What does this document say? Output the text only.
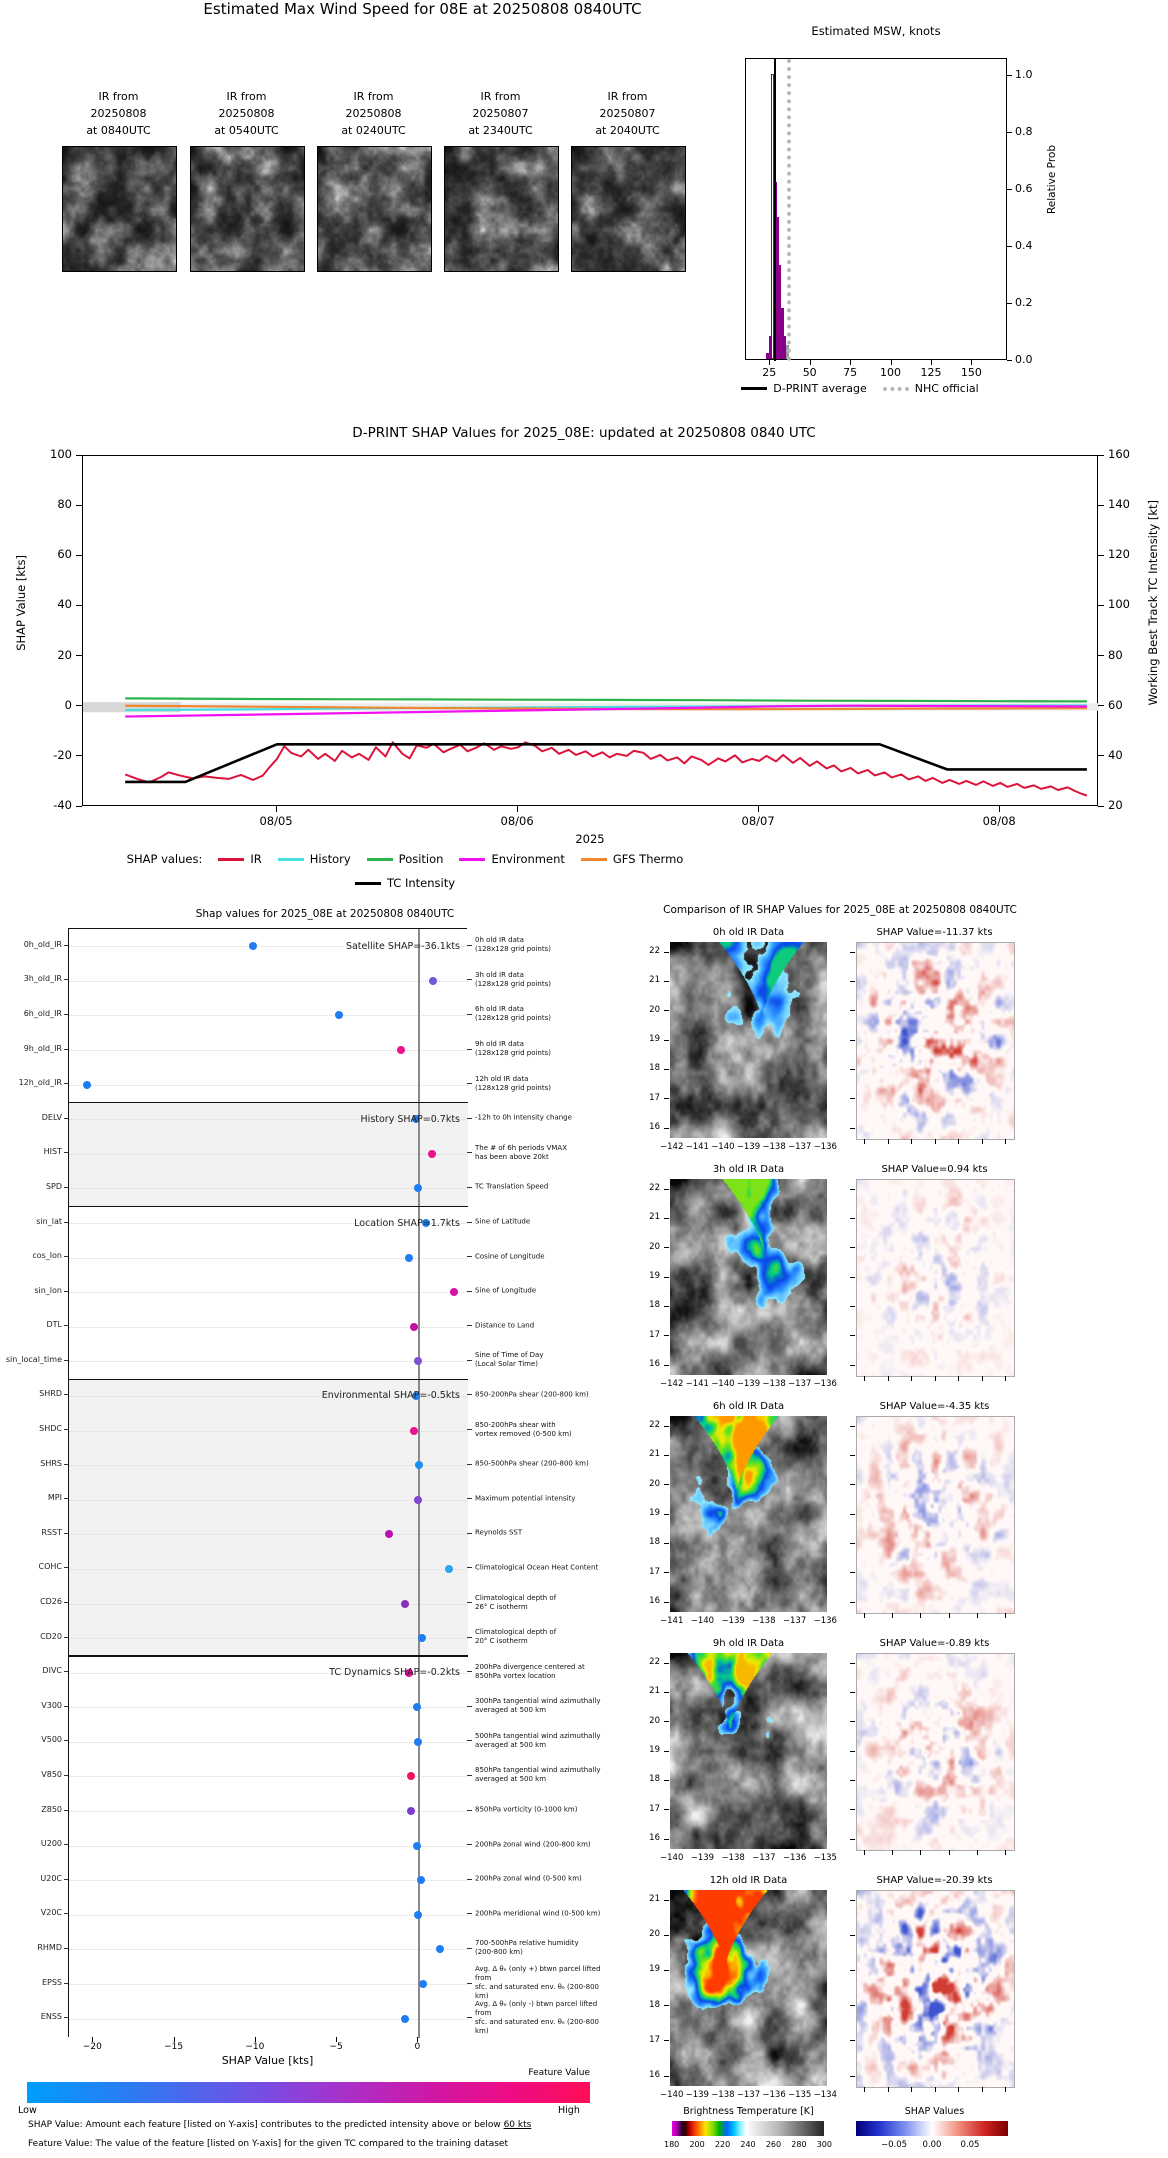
Estimated Max Wind Speed for 08E at 20250808 0840UTC
IR from
20250808
at 0840UTC
IR from
20250808
at 0540UTC
IR from
20250808
at 0240UTC
IR from
20250807
at 2340UTC
IR from
20250807
at 2040UTC
Estimated MSW, knots
Relative Prob
D-PRINT average	NHC official
0.0
0.2
0.4
0.6
0.8
1.0
25	50	75	100 125 150
D-PRINT SHAP Values for 2025_08E: updated at 20250808 0840 UTC
SHAP Value [kts]	Working Best Track TC Intensity [kt]
2025
SHAP values:	IR	History	Position	Environment	GFS Thermo
TC Intensity
100
80
60
40
20
0
-20
-40
160
140
120
100
80
60
40
20
08/05	08/06	08/07	08/08
Shap values for 2025_08E at 20250808 0840UTC
Satellite SHAP=-36.1kts
History SHAP=0.7kts
Location SHAP=1.7kts
Environmental SHAP=-0.5kts
TC Dynamics SHAP=-0.2kts
SHAP Value [kts]
Feature Value
Low	High
SHAP Value: Amount each feature [listed on Y-axis] contributes to the predicted intensity above or below 60 kts
Feature Value: The value of the feature [listed on Y-axis] for the given TC compared to the training dataset
0h_old_IR	0h old IR data
(128x128 grid points)
3h_old_IR	3h old IR data
(128x128 grid points)
6h_old_IR	6h old IR data
(128x128 grid points)
9h_old_IR	9h old IR data
(128x128 grid points)
12h_old_IR	12h old IR data
(128x128 grid points)
DELV	-12h to 0h Intensity change
HIST	The # of 6h periods VMAX
has been above 20kt
SPD	TC Translation Speed
sin_lat	Sine of Latitude
cos_lon	Cosine of Longitude
sin_lon	Sine of Longitude
DTL	Distance to Land
sin_local_time	Sine of Time of Day
(Local Solar Time)
SHRD	850-200hPa shear (200-800 km)
SHDC	850-200hPa shear with
vortex removed (0-500 km)
SHRS	850-500hPa shear (200-800 km)
MPI	Maximum potential intensity
RSST	Reynolds SST
COHC	Climatological Ocean Heat Content
CD26	Climatological depth of
26° C isotherm
CD20	Climatological depth of
20° C isotherm
DIVC	200hPa divergence centered at
850hPa vortex location
V300	300hPa tangential wind azimuthally
averaged at 500 km
V500	500hPa tangential wind azimuthally
averaged at 500 km
V850	850hPa tangential wind azimuthally
averaged at 500 km
Z850	850hPa vorticity (0-1000 km)
U200	200hPa zonal wind (200-800 km)
U20C	200hPa zonal wind (0-500 km)
V20C	200hPa meridional wind (0-500 km)
RHMD	700-500hPa relative humidity
(200-800 km)
EPSS
Avg. Δ θₑ (only +) btwn parcel lifted from
sfc. and saturated env. θₑ (200-800 km)
ENSS
Avg. Δ θₑ (only -) btwn parcel lifted from
sfc. and saturated env. θₑ (200-800 km)
−20	−15	−10	−5	0
Comparison of IR SHAP Values for 2025_08E at 20250808 0840UTC
0h old IR Data	SHAP Value=-11.37 kts
22
21
20
19
18
17
16
−142 −141 −140 −139 −138 −137 −136
3h old IR Data	SHAP Value=0.94 kts
22
21
20
19
18
17
16
−142 −141 −140 −139 −138 −137 −136
6h old IR Data	SHAP Value=-4.35 kts
22
21
20
19
18
17
16
−141 −140 −139 −138 −137 −136
9h old IR Data	SHAP Value=-0.89 kts
22
21
20
19
18
17
16
−140 −139 −138 −137 −136 −135
12h old IR Data	SHAP Value=-20.39 kts
21
20
19
18
17
16
−140 −139 −138 −137 −136 −135 −134
Brightness Temperature [K]
180 200 220 240 260 280 300
SHAP Values
−0.05	0.00	0.05
